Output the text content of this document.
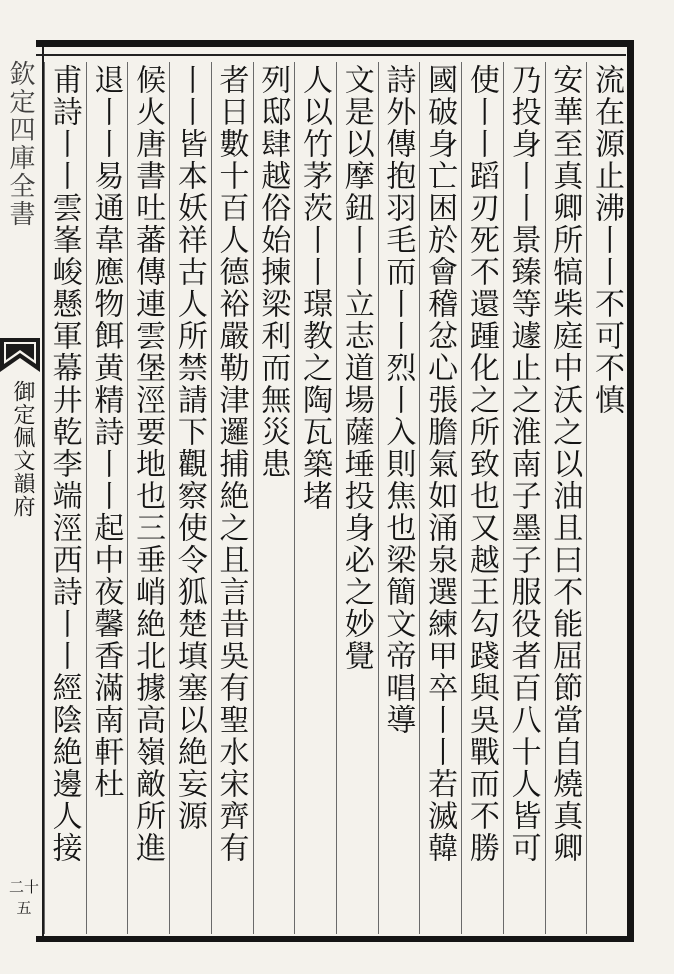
欽定四庫全書
御定佩文韻府
二十五
流在源止沸丨丨不可不慎
安華至真卿所犒柴庭中沃之以油且曰不能屈節當自燒真卿
乃投身丨丨景臻等遽止之淮南子墨子服役者百八十人皆可
使丨丨蹈刃死不還踵化之所致也又越王勾踐與吳戰而不勝
國破身亡困於會稽忿心張膽氣如涌泉選練甲卒丨丨若滅韓
詩外傳抱羽毛而丨丨烈丨入則焦也梁簡文帝唱導
文是以摩鈕丨丨立志道場薩埵投身必之妙覺
人以竹茅茨丨丨璟教之陶瓦築堵
列邸肆越俗始揀梁利而無災患
者日數十百人德裕嚴勒津邏捕絶之且言昔吳有聖水宋齊有
丨丨皆本妖祥古人所禁請下觀察使令狐楚填塞以絶妄源
候火唐書吐蕃傳連雲堡涇要地也三垂峭絶北據高嶺敵所進
退丨丨易通韋應物餌黄精詩丨丨起中夜馨香滿南軒杜
甫詩丨丨雲峯峻懸軍幕井乾李端涇西詩丨丨經陰絶邊人接
